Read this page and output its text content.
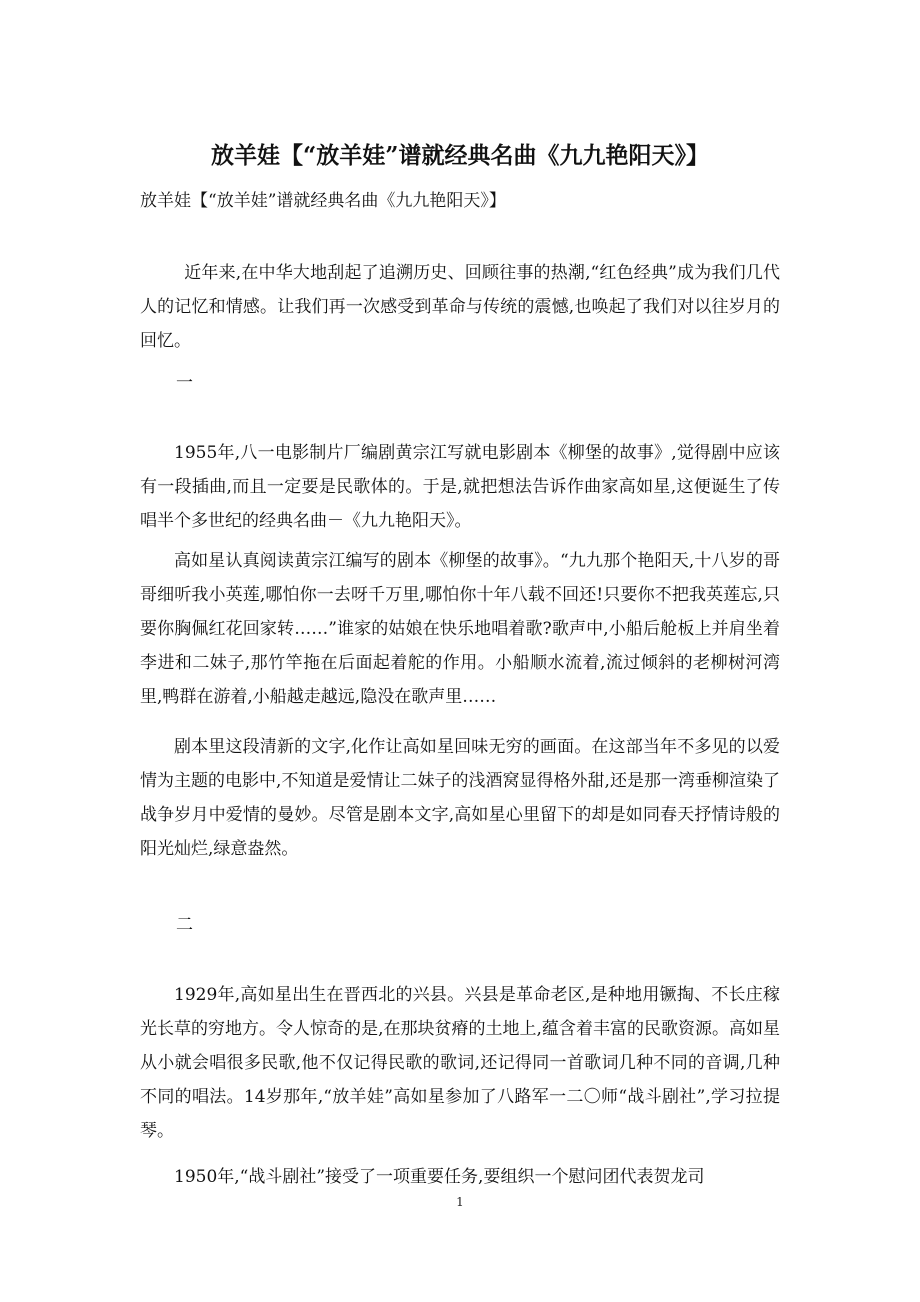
放羊娃【“放羊娃”谱就经典名曲《九九艳阳天》】
放羊娃【“放羊娃”谱就经典名曲《九九艳阳天》】
近年来,在中华大地刮起了追溯历史、回顾往事的热潮,“红色经典”成为我们几代人的记忆和情感。让我们再一次感受到革命与传统的震憾,也唤起了我们对以往岁月的回忆。
一
1955年,八一电影制片厂编剧黄宗江写就电影剧本《柳堡的故事》,觉得剧中应该有一段插曲,而且一定要是民歌体的。于是,就把想法告诉作曲家高如星,这便诞生了传唱半个多世纪的经典名曲－《九九艳阳天》。
高如星认真阅读黄宗江编写的剧本《柳堡的故事》。“九九那个艳阳天,十八岁的哥哥细听我小英莲,哪怕你一去呀千万里,哪怕你十年八载不回还!只要你不把我英莲忘,只要你胸佩红花回家转……”谁家的姑娘在快乐地唱着歌?歌声中,小船后舱板上并肩坐着李进和二妹子,那竹竿拖在后面起着舵的作用。小船顺水流着,流过倾斜的老柳树河湾里,鸭群在游着,小船越走越远,隐没在歌声里……
剧本里这段清新的文字,化作让高如星回味无穷的画面。在这部当年不多见的以爱情为主题的电影中,不知道是爱情让二妹子的浅酒窝显得格外甜,还是那一湾垂柳渲染了战争岁月中爱情的曼妙。尽管是剧本文字,高如星心里留下的却是如同春天抒情诗般的阳光灿烂,绿意盎然。
二
1929年,高如星出生在晋西北的兴县。兴县是革命老区,是种地用镢掏、不长庄稼光长草的穷地方。令人惊奇的是,在那块贫瘠的土地上,蕴含着丰富的民歌资源。高如星从小就会唱很多民歌,他不仅记得民歌的歌词,还记得同一首歌词几种不同的音调,几种不同的唱法。14岁那年,“放羊娃”高如星参加了八路军一二〇师“战斗剧社”,学习拉提琴。
1950年,“战斗剧社”接受了一项重要任务,要组织一个慰问团代表贺龙司
1
